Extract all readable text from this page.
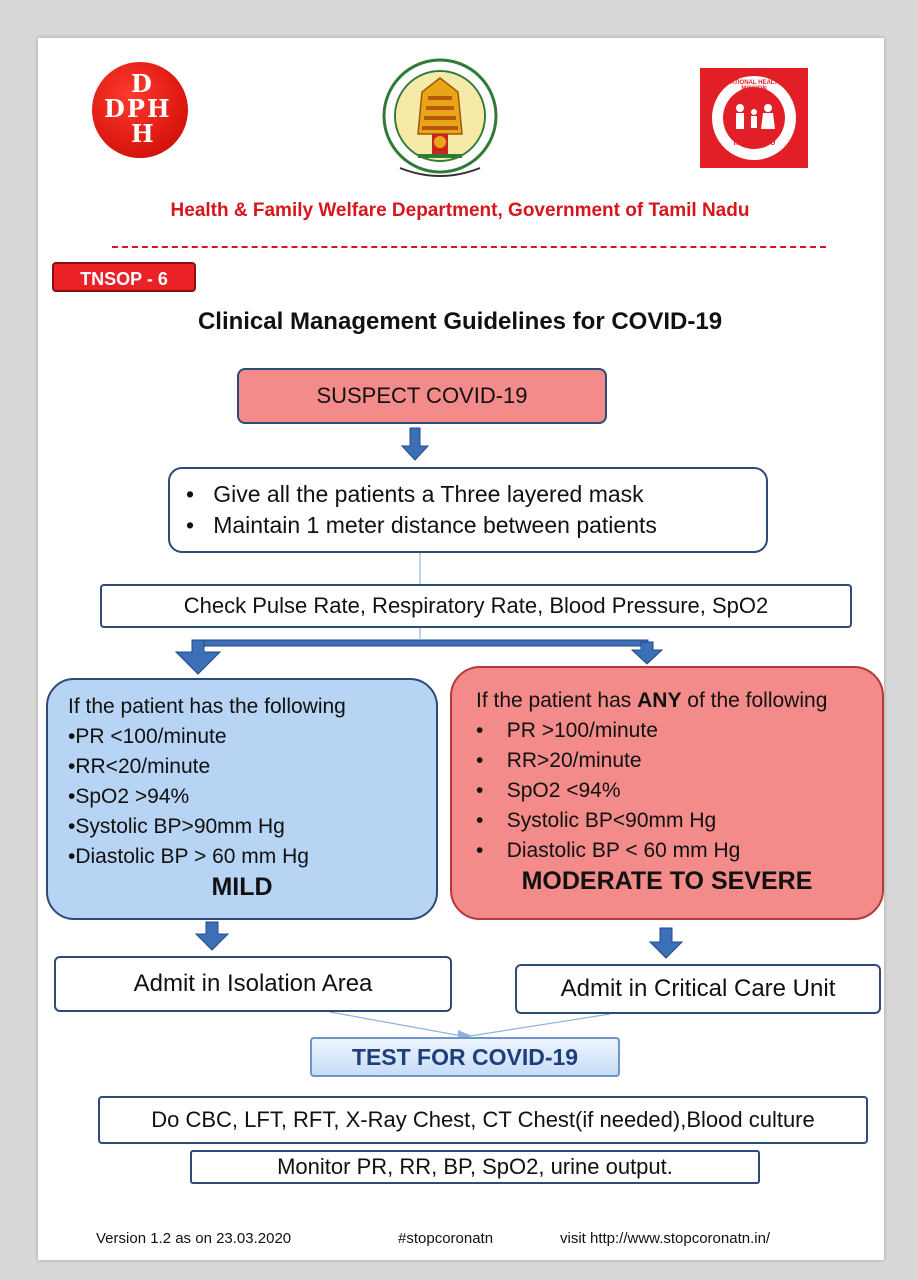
D
DPH
H
NATIONAL HEALTH MISSION
TAMIL NADU
Health & Family Welfare Department, Government of Tamil Nadu
TNSOP - 6
Clinical Management Guidelines for COVID-19
SUSPECT COVID-19
•   Give all the patients a Three layered mask
•   Maintain 1 meter distance between patients
Check Pulse Rate, Respiratory Rate, Blood Pressure, SpO2
If the patient has the following
•PR <100/minute
•RR<20/minute
•SpO2 >94%
•Systolic BP>90mm Hg
•Diastolic BP > 60 mm Hg
MILD
If the patient has ANY of the following
•    PR >100/minute
•    RR>20/minute
•    SpO2 <94%
•    Systolic BP<90mm Hg
•    Diastolic BP < 60 mm Hg
MODERATE TO SEVERE
Admit in Isolation Area	Admit in Critical Care Unit
TEST FOR COVID-19
Do CBC, LFT, RFT, X-Ray Chest, CT Chest(if needed),Blood culture
Monitor PR, RR, BP, SpO2, urine output.
Version 1.2 as on 23.03.2020	#stopcoronatn	visit http://www.stopcoronatn.in/
